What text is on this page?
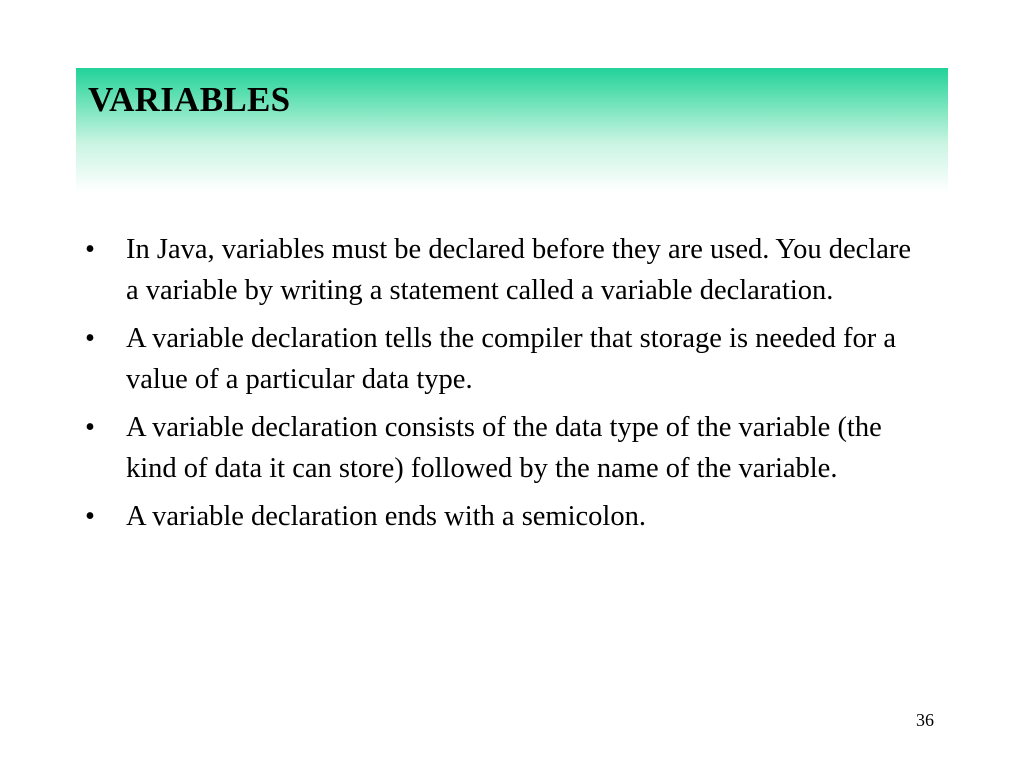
VARIABLES
•	In Java, variables must be declared before they are used. You declare a variable by writing a statement called a variable declaration.
•	A variable declaration tells the compiler that storage is needed for a value of a particular data type.
•	A variable declaration consists of the data type of the variable (the kind of data it can store) followed by the name of the variable.
•	A variable declaration ends with a semicolon.
36
